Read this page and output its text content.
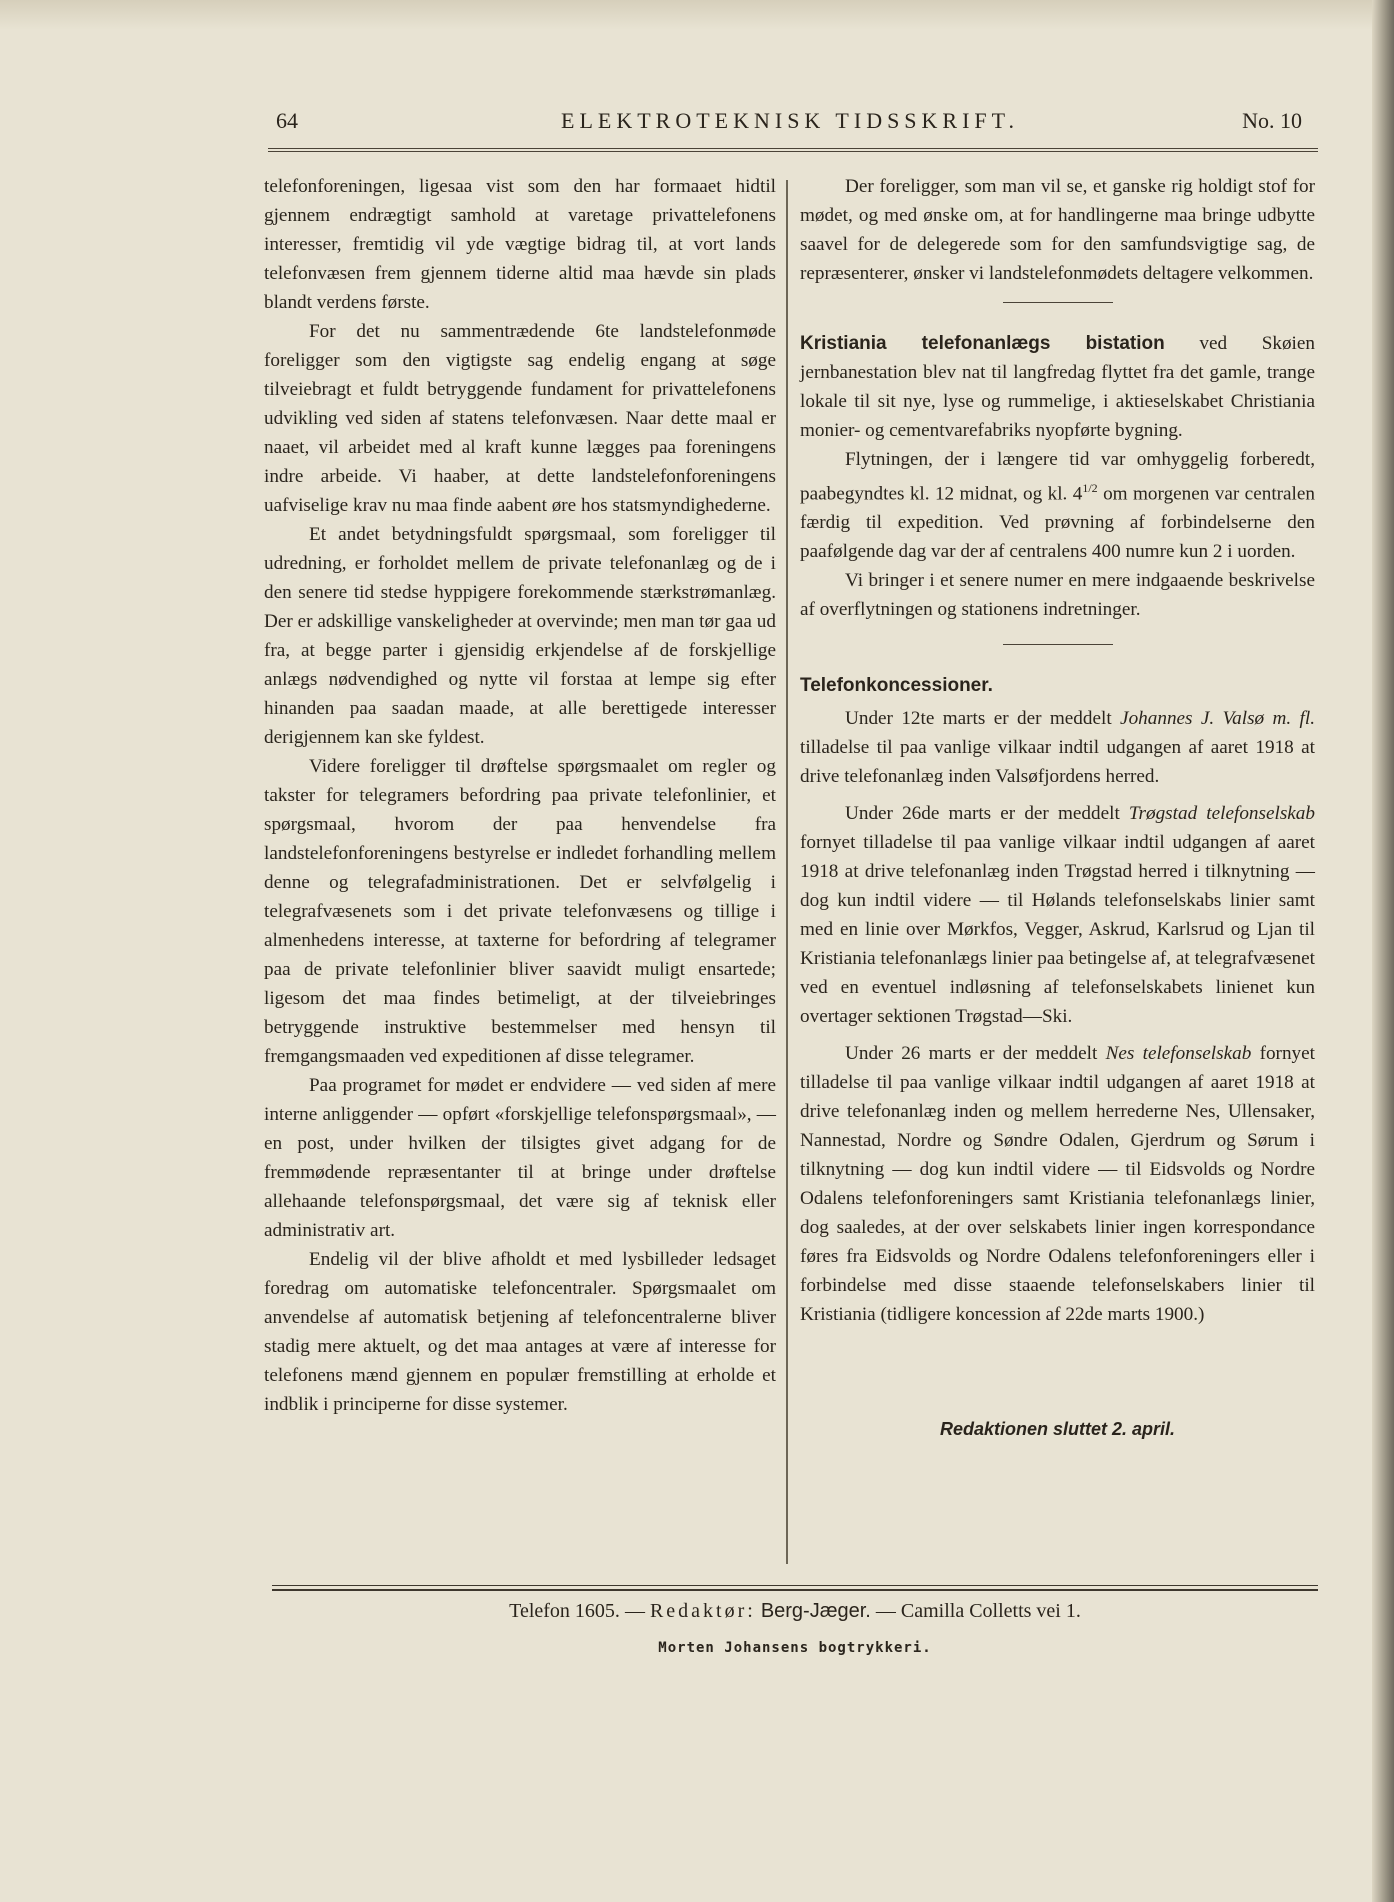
64	ELEKTROTEKNISK TIDSSKRIFT.	No. 10

telefonforeningen, ligesaa vist som den har formaaet hidtil gjennem endrægtigt samhold at varetage privattelefonens interesser, fremtidig vil yde vægtige bidrag til, at vort lands telefonvæsen frem gjennem tiderne altid maa hævde sin plads blandt verdens første.

For det nu sammentrædende 6te landstelefonmøde foreligger som den vigtigste sag endelig engang at søge tilveiebragt et fuldt betryggende fundament for privattelefonens udvikling ved siden af statens telefonvæsen. Naar dette maal er naaet, vil arbeidet med al kraft kunne lægges paa foreningens indre arbeide. Vi haaber, at dette landstelefonforeningens uafviselige krav nu maa finde aabent øre hos statsmyndighederne.

Et andet betydningsfuldt spørgsmaal, som foreligger til udredning, er forholdet mellem de private telefonanlæg og de i den senere tid stedse hyppigere forekommende stærkstrømanlæg. Der er adskillige vanskeligheder at overvinde; men man tør gaa ud fra, at begge parter i gjensidig erkjendelse af de forskjellige anlægs nødvendighed og nytte vil forstaa at lempe sig efter hinanden paa saadan maade, at alle berettigede interesser derigjennem kan ske fyldest.

Videre foreligger til drøftelse spørgsmaalet om regler og takster for telegramers befordring paa private telefonlinier, et spørgsmaal, hvorom der paa henvendelse fra landstelefonforeningens bestyrelse er indledet forhandling mellem denne og telegrafadministrationen. Det er selvfølgelig i telegrafvæsenets som i det private telefonvæsens og tillige i almenhedens interesse, at taxterne for befordring af telegramer paa de private telefonlinier bliver saavidt muligt ensartede; ligesom det maa findes betimeligt, at der tilveiebringes betryggende instruktive bestemmelser med hensyn til fremgangsmaaden ved expeditionen af disse telegramer.

Paa programet for mødet er endvidere — ved siden af mere interne anliggender — opført «forskjellige telefonspørgsmaal», — en post, under hvilken der tilsigtes givet adgang for de fremmødende repræsentanter til at bringe under drøftelse allehaande telefonspørgsmaal, det være sig af teknisk eller administrativ art.

Endelig vil der blive afholdt et med lysbilleder ledsaget foredrag om automatiske telefoncentraler. Spørgsmaalet om anvendelse af automatisk betjening af telefoncentralerne bliver stadig mere aktuelt, og det maa antages at være af interesse for telefonens mænd gjennem en populær fremstilling at erholde et indblik i principerne for disse systemer.

Der foreligger, som man vil se, et ganske rig holdigt stof for mødet, og med ønske om, at for handlingerne maa bringe udbytte saavel for de delegerede som for den samfundsvigtige sag, de repræsenterer, ønsker vi landstelefonmødets deltagere velkommen.

Kristiania telefonanlægs bistation ved Skøien jernbanestation blev nat til langfredag flyttet fra det gamle, trange lokale til sit nye, lyse og rummelige, i aktieselskabet Christiania monier- og cementvarefabriks nyopførte bygning.

Flytningen, der i længere tid var omhyggelig forberedt, paabegyndtes kl. 12 midnat, og kl. $4^{1/2}$ om morgenen var centralen færdig til expedition. Ved prøvning af forbindelserne den paafølgende dag var der af centralens 400 numre kun 2 i uorden.

Vi bringer i et senere numer en mere indgaaende beskrivelse af overflytningen og stationens indretninger.

Telefonkoncessioner.

Under 12te marts er der meddelt Johannes J. Valsø m. fl. tilladelse til paa vanlige vilkaar indtil udgangen af aaret 1918 at drive telefonanlæg inden Valsøfjordens herred.

Under 26de marts er der meddelt Trøgstad telefonselskab fornyet tilladelse til paa vanlige vilkaar indtil udgangen af aaret 1918 at drive telefonanlæg inden Trøgstad herred i tilknytning — dog kun indtil videre — til Hølands telefonselskabs linier samt med en linie over Mørkfos, Vegger, Askrud, Karlsrud og Ljan til Kristiania telefonanlægs linier paa betingelse af, at telegrafvæsenet ved en eventuel indløsning af telefonselskabets linienet kun overtager sektionen Trøgstad—Ski.

Under 26 marts er der meddelt Nes telefonselskab fornyet tilladelse til paa vanlige vilkaar indtil udgangen af aaret 1918 at drive telefonanlæg inden og mellem herrederne Nes, Ullensaker, Nannestad, Nordre og Søndre Odalen, Gjerdrum og Sørum i tilknytning — dog kun indtil videre — til Eidsvolds og Nordre Odalens telefonforeningers samt Kristiania telefonanlægs linier, dog saaledes, at der over selskabets linier ingen korrespondance føres fra Eidsvolds og Nordre Odalens telefonforeningers eller i forbindelse med disse staaende telefonselskabers linier til Kristiania (tidligere koncession af 22de marts 1900.)

Redaktionen sluttet 2. april.
Telefon 1605. — Redaktør: Berg-Jæger. — Camilla Colletts vei 1.
Morten Johansens bogtrykkeri.
